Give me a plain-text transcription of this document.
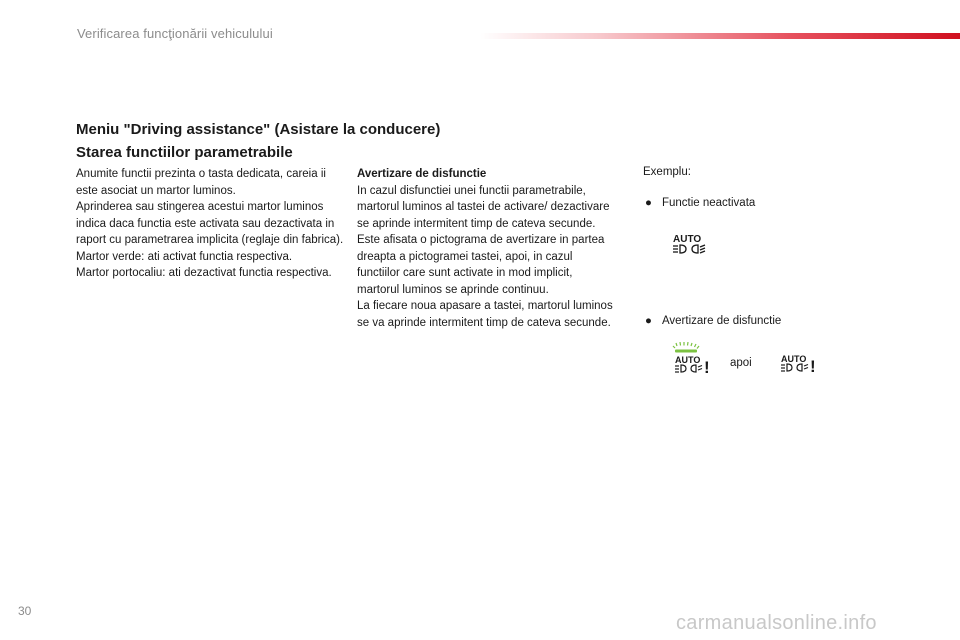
Verificarea funcţionării vehiculului
Meniu "Driving assistance" (Asistare la conducere)
Starea functiilor parametrabile

Anumite functii prezinta o tasta dedicata, careia ii este asociat un martor luminos.

Aprinderea sau stingerea acestui martor luminos indica daca functia este activata sau dezactivata in raport cu parametrarea implicita (reglaje din fabrica).

Martor verde: ati activat functia respectiva.

Martor portocaliu: ati dezactivat functia respectiva.

Avertizare de disfunctie

In cazul disfunctiei unei functii parametrabile, martorul luminos al tastei de activare/ dezactivare se aprinde intermitent timp de cateva secunde.

Este afisata o pictograma de avertizare in partea dreapta a pictogramei tastei, apoi, in cazul functiilor care sunt activate in mod implicit, martorul luminos se aprinde continuu.

La fiecare noua apasare a tastei, martorul luminos se va aprinde intermitent timp de cateva secunde.

Exemplu:
● Functie neactivata
AUTO
● Avertizare de disfunctie
AUTO ! apoi	AUTO !
30
carmanualsonline.info
